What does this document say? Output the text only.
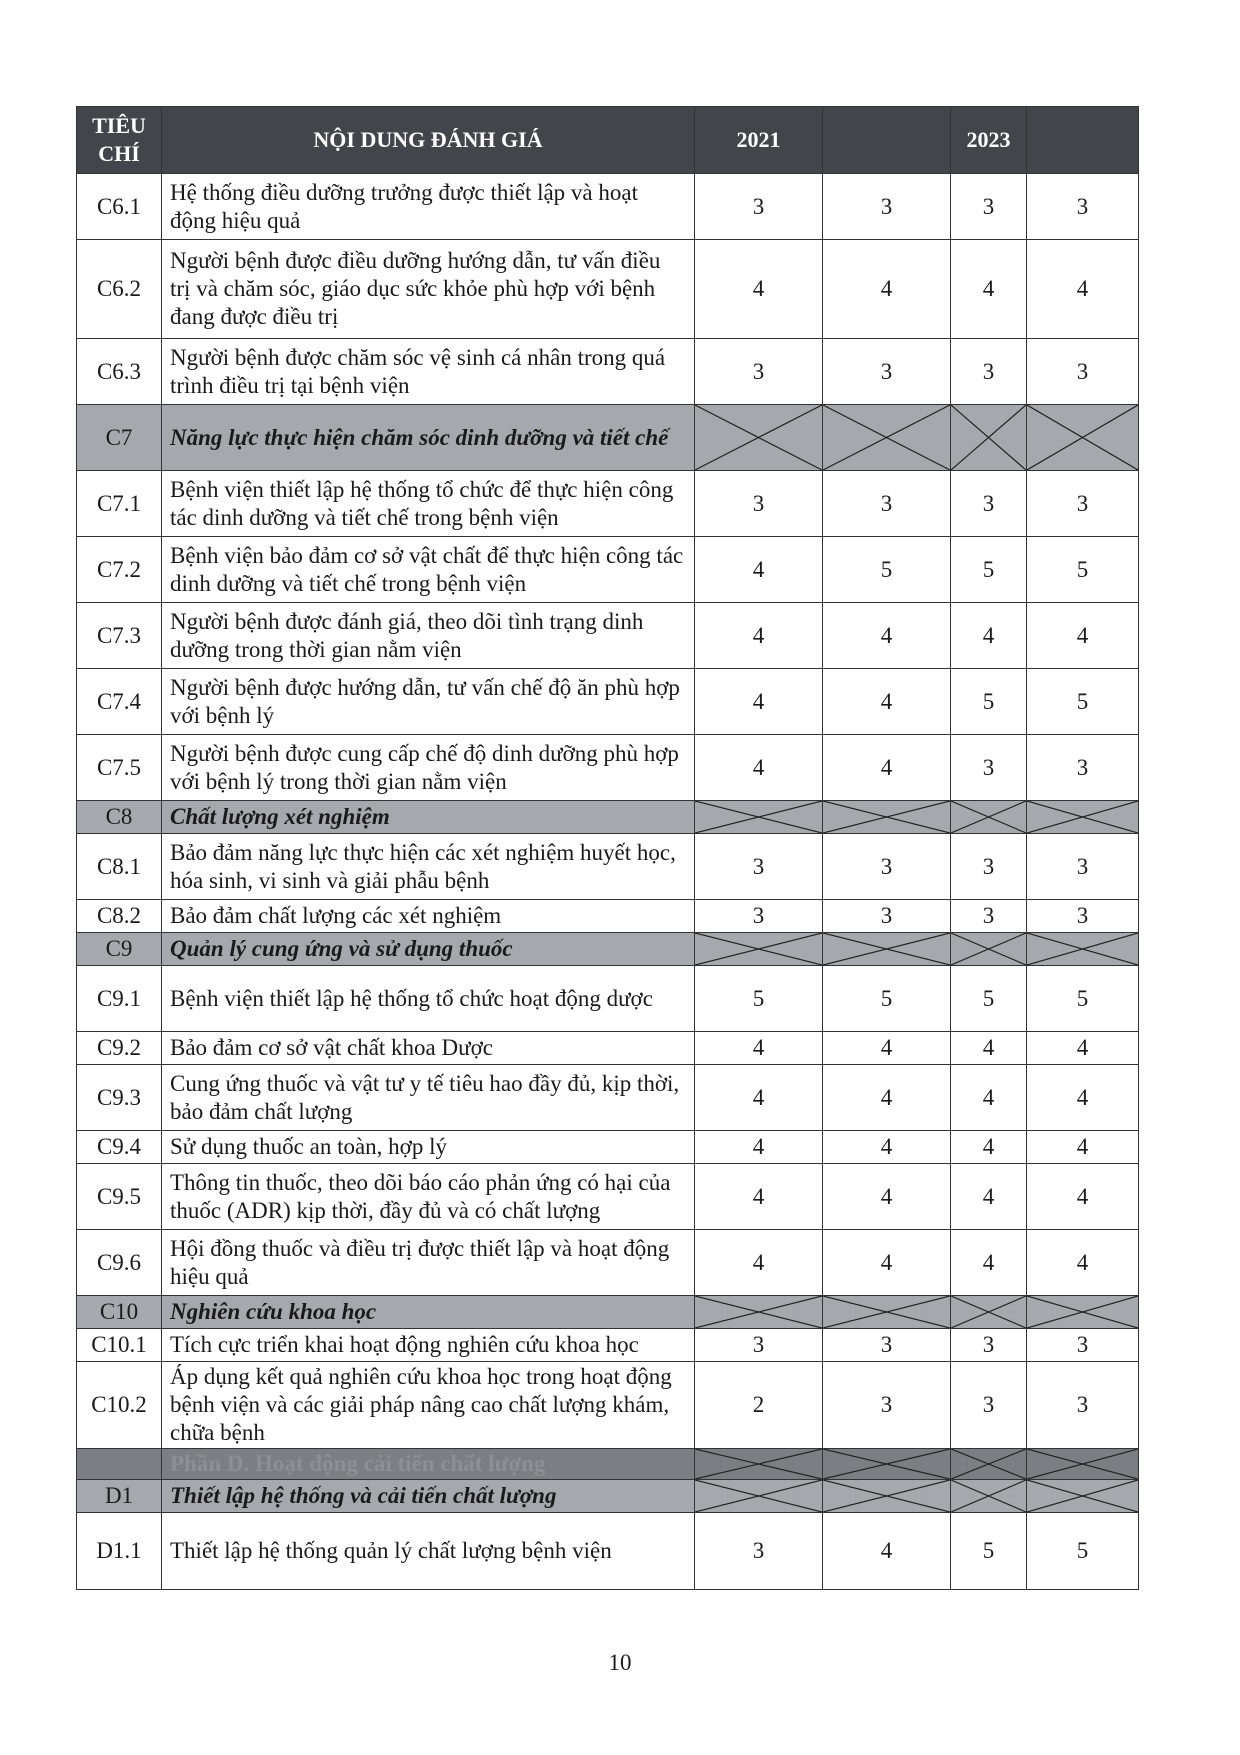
TIÊU CHÍ	NỘI DUNG ĐÁNH GIÁ	2021		2023	
C6.1	Hệ thống điều dưỡng trưởng được thiết lập và hoạt động hiệu quả	3	3	3	3
C6.2	Người bệnh được điều dưỡng hướng dẫn, tư vấn điều trị và chăm sóc, giáo dục sức khỏe phù hợp với bệnh đang được điều trị	4	4	4	4
C6.3	Người bệnh được chăm sóc vệ sinh cá nhân trong quá trình điều trị tại bệnh viện	3	3	3	3
C7	Năng lực thực hiện chăm sóc dinh dưỡng và tiết chế	

C7.1	Bệnh viện thiết lập hệ thống tổ chức để thực hiện công tác dinh dưỡng và tiết chế trong bệnh viện	3	3	3	3
C7.2	Bệnh viện bảo đảm cơ sở vật chất để thực hiện công tác dinh dưỡng và tiết chế trong bệnh viện	4	5	5	5
C7.3	Người bệnh được đánh giá, theo dõi tình trạng dinh dưỡng trong thời gian nằm viện	4	4	4	4
C7.4	Người bệnh được hướng dẫn, tư vấn chế độ ăn phù hợp với bệnh lý	4	4	5	5
C7.5	Người bệnh được cung cấp chế độ dinh dưỡng phù hợp với bệnh lý trong thời gian nằm viện	4	4	3	3
C8	Chất lượng xét nghiệm	

C8.1	Bảo đảm năng lực thực hiện các xét nghiệm huyết học, hóa sinh, vi sinh và giải phẫu bệnh	3	3	3	3
C8.2	Bảo đảm chất lượng các xét nghiệm	3	3	3	3
C9	Quản lý cung ứng và sử dụng thuốc	

C9.1	Bệnh viện thiết lập hệ thống tổ chức hoạt động dược	5	5	5	5
C9.2	Bảo đảm cơ sở vật chất khoa Dược	4	4	4	4
C9.3	Cung ứng thuốc và vật tư y tế tiêu hao đầy đủ, kịp thời, bảo đảm chất lượng	4	4	4	4
C9.4	Sử dụng thuốc an toàn, hợp lý	4	4	4	4
C9.5	Thông tin thuốc, theo dõi báo cáo phản ứng có hại của thuốc (ADR) kịp thời, đầy đủ và có chất lượng	4	4	4	4
C9.6	Hội đồng thuốc và điều trị được thiết lập và hoạt động hiệu quả	4	4	4	4
C10	Nghiên cứu khoa học	

C10.1	Tích cực triển khai hoạt động nghiên cứu khoa học	3	3	3	3
C10.2	Áp dụng kết quả nghiên cứu khoa học trong hoạt động bệnh viện và các giải pháp nâng cao chất lượng khám, chữa bệnh	2	3	3	3
	Phần D. Hoạt động cải tiến chất lượng	

D1	Thiết lập hệ thống và cải tiến chất lượng	

D1.1	Thiết lập hệ thống quản lý chất lượng bệnh viện	3	4	5	5
10
